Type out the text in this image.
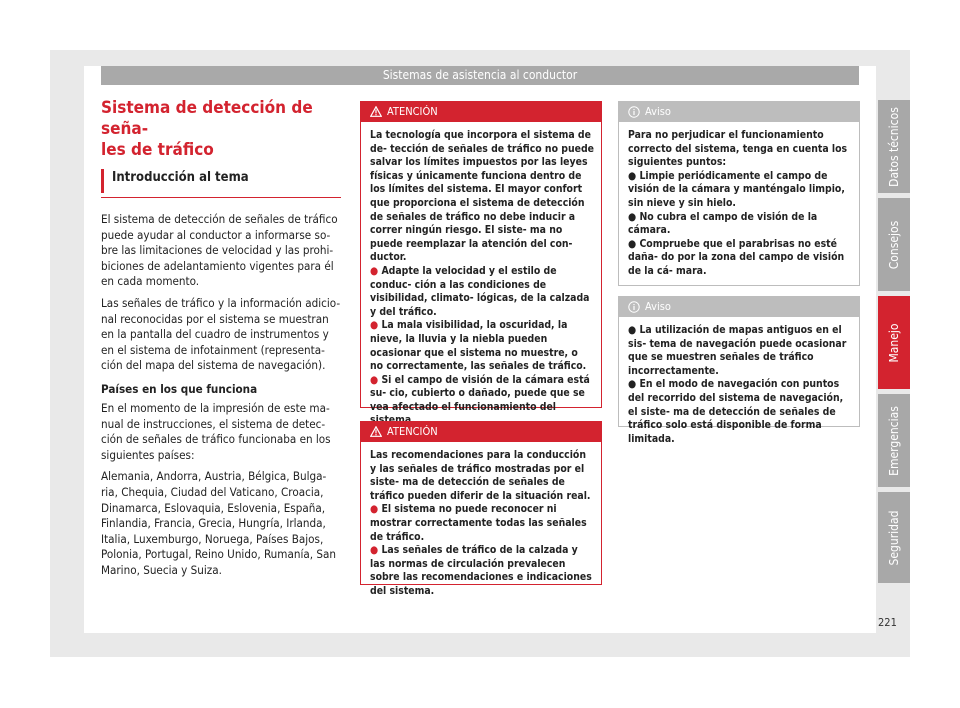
Sistemas de asistencia al conductor
Sistema de detección de seña-
les de tráfico
Introducción al tema

El sistema de detección de señales de tráfico puede ayudar al conductor a informarse so- bre las limitaciones de velocidad y las prohi- biciones de adelantamiento vigentes para él en cada momento.

Las señales de tráfico y la información adicio- nal reconocidas por el sistema se muestran en la pantalla del cuadro de instrumentos y en el sistema de infotainment (representa- ción del mapa del sistema de navegación).

Países en los que funciona

En el momento de la impresión de este ma- nual de instrucciones, el sistema de detec- ción de señales de tráfico funcionaba en los siguientes países:

Alemania, Andorra, Austria, Bélgica, Bulga- ria, Chequia, Ciudad del Vaticano, Croacia, Dinamarca, Eslovaquia, Eslovenia, España, Finlandia, Francia, Grecia, Hungría, Irlanda, Italia, Luxemburgo, Noruega, Países Bajos, Polonia, Portugal, Reino Unido, Rumanía, San Marino, Suecia y Suiza.

ATENCIÓN

La tecnología que incorpora el sistema de de- tección de señales de tráfico no puede salvar los límites impuestos por las leyes físicas y únicamente funciona dentro de los límites del sistema. El mayor confort que proporciona el sistema de detección de señales de tráfico no debe inducir a correr ningún riesgo. El siste- ma no puede reemplazar la atención del con- ductor.

● Adapte la velocidad y el estilo de conduc- ción a las condiciones de visibilidad, climato- lógicas, de la calzada y del tráfico.

● La mala visibilidad, la oscuridad, la nieve, la lluvia y la niebla pueden ocasionar que el sistema no muestre, o no correctamente, las señales de tráfico.

● Si el campo de visión de la cámara está su- cio, cubierto o dañado, puede que se vea afectado el funcionamiento del

ATENCIÓN

Las recomendaciones para la conducción y las señales de tráfico mostradas por el siste- ma de detección de señales de tráfico pueden diferir de la situación real.

● El sistema no puede reconocer ni mostrar correctamente todas las señales de tráfico.

● Las señales de tráfico de la calzada y las normas de circulación prevalecen sobre las recomendaciones e indicaciones del sistema.

Aviso

Para no perjudicar el funcionamiento correcto del sistema, tenga en cuenta los siguientes puntos:

● Limpie periódicamente el campo de visión de la cámara y manténgalo limpio, sin nieve y sin hielo.

● No cubra el campo de visión de la cámara.

● Compruebe que el parabrisas no esté daña- do por la zona del campo de visión de la cá- mara.

Aviso

● La utilización de mapas antiguos en el sis- tema de navegación puede ocasionar que se muestren señales de tráfico incorrectamente.

● En el modo de navegación con puntos del recorrido del sistema de navegación, el siste- ma de detección de señales de tráfico solo está disponible de forma limitada.

Datos técnicos
Consejos
Manejo
Emergencias
Seguridad
221
